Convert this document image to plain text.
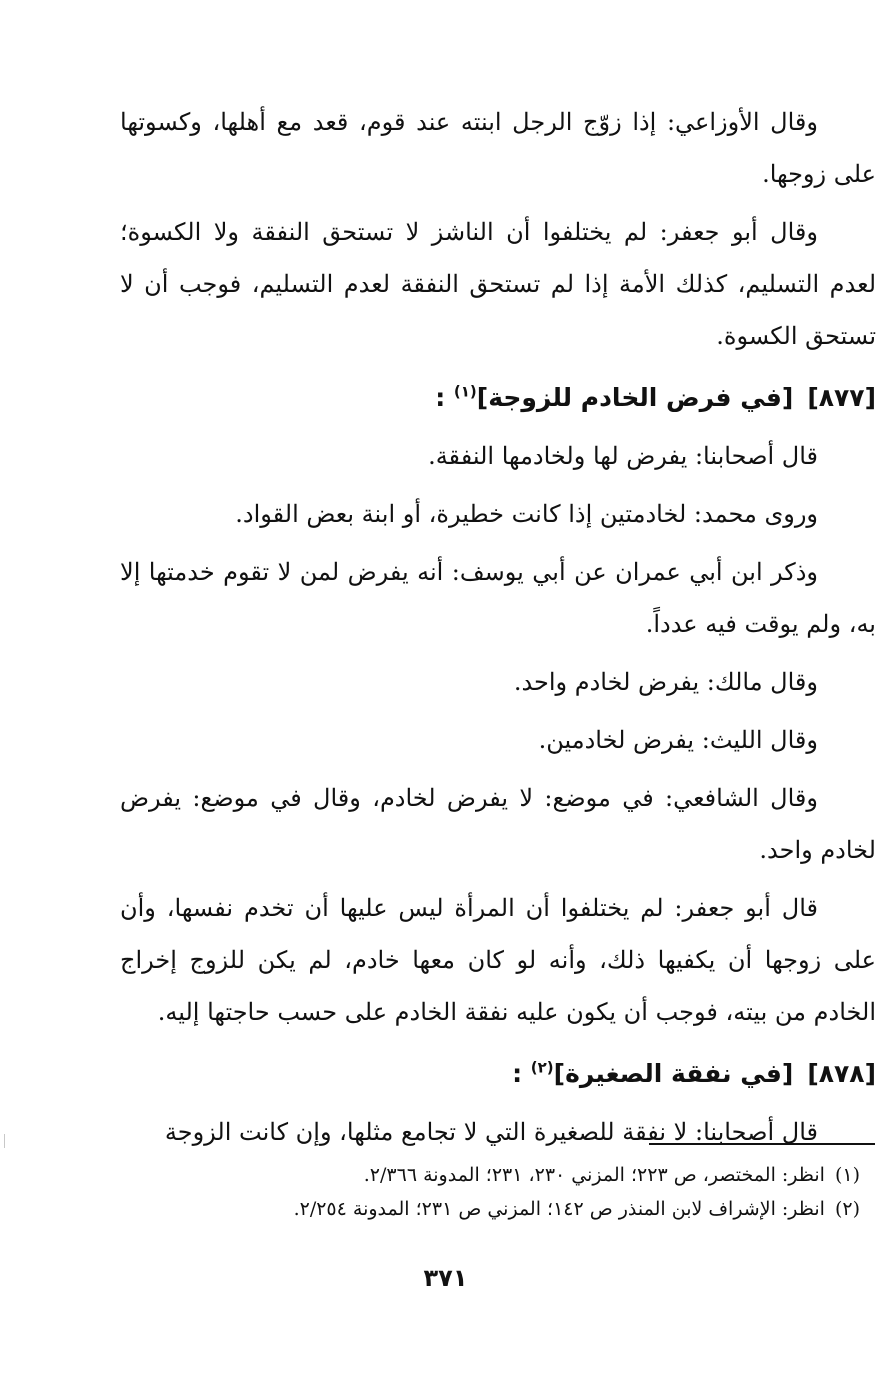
وقال الأوزاعي: إذا زوّج الرجل ابنته عند قوم، قعد مع أهلها، وكسوتها على زوجها.

وقال أبو جعفر: لم يختلفوا أن الناشز لا تستحق النفقة ولا الكسوة؛ لعدم التسليم، كذلك الأمة إذا لم تستحق النفقة لعدم التسليم، فوجب أن لا تستحق الكسوة.

[٨٧٧][في فرض الخادم للزوجة]$^{(١)}$ :

قال أصحابنا: يفرض لها ولخادمها النفقة.

وروى محمد: لخادمتين إذا كانت خطيرة، أو ابنة بعض القواد.

وذكر ابن أبي عمران عن أبي يوسف: أنه يفرض لمن لا تقوم خدمتها إلا به، ولم يوقت فيه عدداً.

وقال مالك: يفرض لخادم واحد.

وقال الليث: يفرض لخادمين.

وقال الشافعي: في موضع: لا يفرض لخادم، وقال في موضع: يفرض لخادم واحد.

قال أبو جعفر: لم يختلفوا أن المرأة ليس عليها أن تخدم نفسها، وأن على زوجها أن يكفيها ذلك، وأنه لو كان معها خادم، لم يكن للزوج إخراج الخادم من بيته، فوجب أن يكون عليه نفقة الخادم على حسب حاجتها إليه.

[٨٧٨][في نفقة الصغيرة]$^{(٢)}$ :

قال أصحابنا: لا نفقة للصغيرة التي لا تجامع مثلها، وإن كانت الزوجة

(١)انظر: المختصر، ص ٢٢٣؛ المزني ٢٣٠، ٢٣١؛ المدونة ٢/٣٦٦.

(٢)انظر: الإشراف لابن المنذر ص ١٤٢؛ المزني ص ٢٣١؛ المدونة ٢/٢٥٤.

٣٧١
